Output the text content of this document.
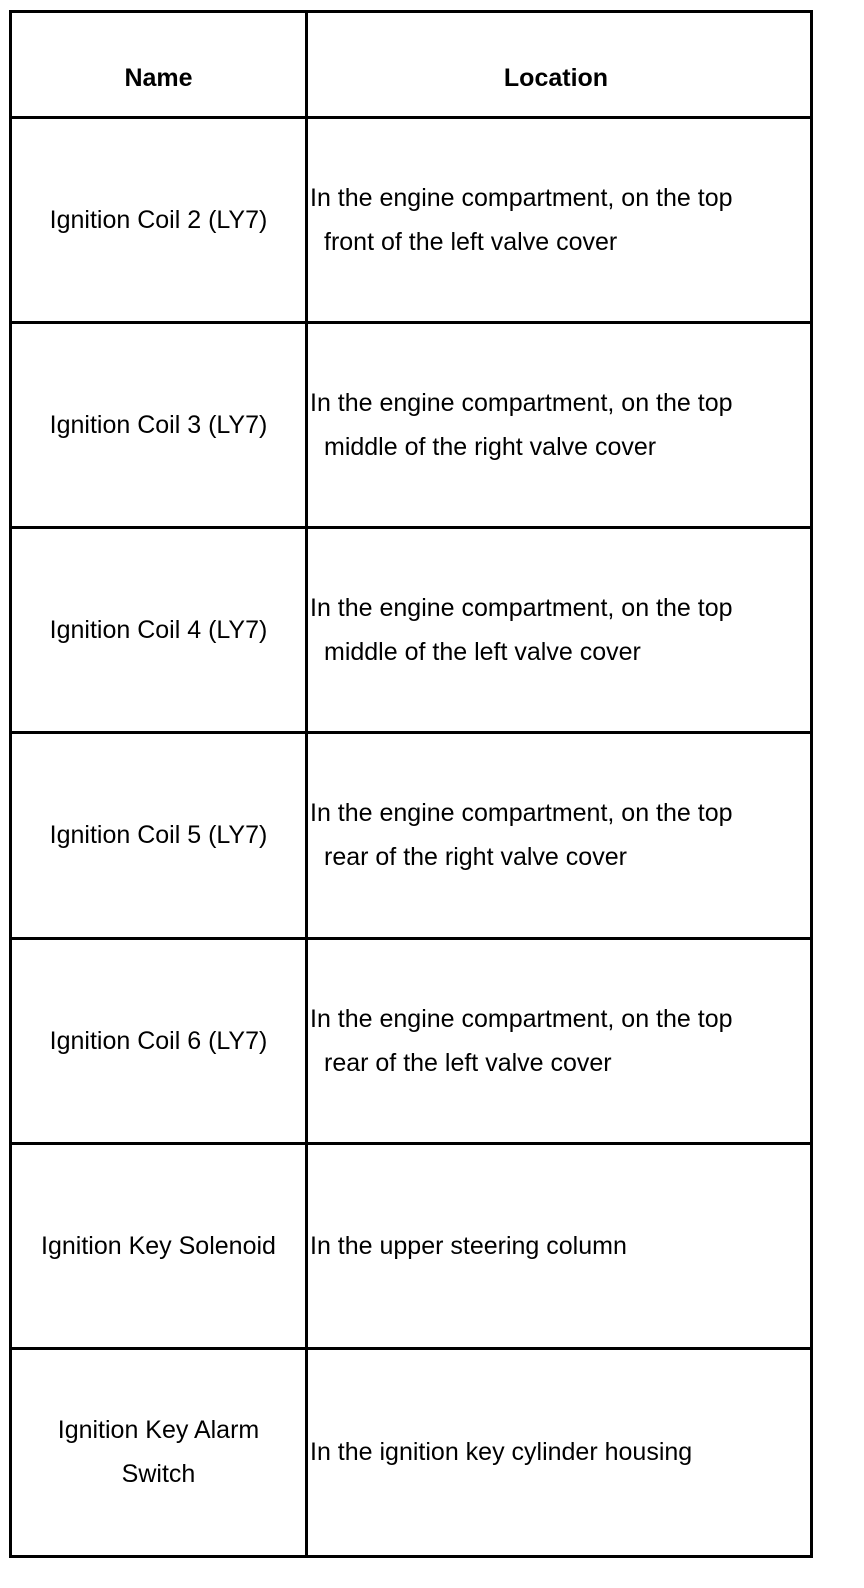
Name	Location
Ignition Coil 2 (LY7)
In the engine compartment, on the top
front of the left valve cover
Ignition Coil 3 (LY7)
In the engine compartment, on the top
middle of the right valve cover
Ignition Coil 4 (LY7)
In the engine compartment, on the top
middle of the left valve cover
Ignition Coil 5 (LY7)
In the engine compartment, on the top
rear of the right valve cover
Ignition Coil 6 (LY7)
In the engine compartment, on the top
rear of the left valve cover
Ignition Key Solenoid In the upper steering column
Ignition Key Alarm
Switch
In the ignition key cylinder housing
